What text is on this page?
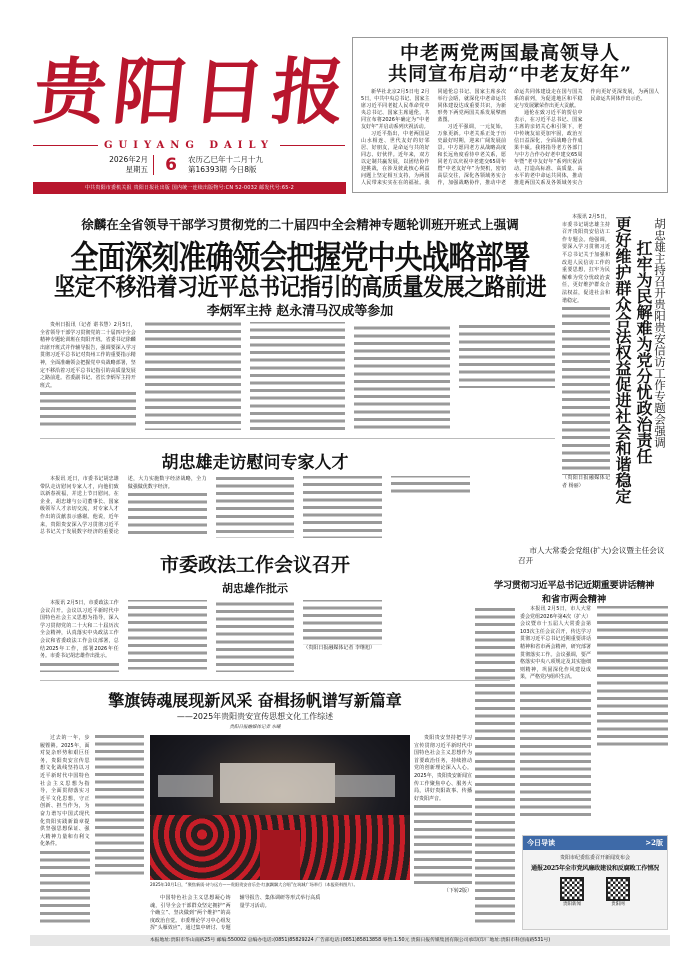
贵
阳
日
报
GUIYANG DAILY
2026年2月
星期五	6	农历乙巳年十二月十九
第16393期 今日8版
中共贵阳市委机关报 贵阳日报社出版 国内统一连续出版物号:CN 52-0032 邮发代号:65-2
中老两党两国最高领导人
共同宣布启动“中老友好年”

新华社北京2月5日电 2月5日，中共中央总书记、国家主席习近平同老挝人民革命党中央总书记、国家主席通伦，共同宣布将2026年确定为“中老友好年”并启动系列庆祝活动。

习近平指出，中老两国是山水相连、世代友好的好邻居、好朋友，是命运与共的好同志、好伙伴。近年来，双方以定制共赢发展，以团结协作迎挑战，在涉及彼此核心利益问题上坚定相互支持，为两国人民带来实实在在的福祉。我同通伦总书记、国家主席多次举行会晤，就深化中老命运共同体建设达成重要共识，为新形势下两党两国关系发展擘画蓝图。

习近平强调，一元复始，万象更新。中老关系正处于历史最好时期，迎来广阔发展前景。中方愿同老方从战略高度和长远角度看待中老关系，愿同老方以庆祝中老建交65周年暨“中老友好年”为契机，密切高层交往，深化各领域务实合作，加强战略协作，推动中老命运共同体建设走在国与国关系的前列，为促进地区和平稳定与发展繁荣作出更大贡献。

通伦在致习近平的贺信中表示，在习近平总书记、国家主席的亲切关心和引领下，老中传统友谊更加牢固，政治互信日益深化，全面战略合作成果丰硕。我将指导老方各部门与中方合作办好老中建交65周年暨“老中友好年”系列庆祝活动，打造高标准、高质量、高水平的老中命运共同体，推动推进两国关系及各领域务实合作向更好更深发展，为两国人民命运共同体作出示范。

徐麟在全省领导干部学习贯彻党的二十届四中全会精神专题轮训班开班式上强调
全面深刻准确领会把握党中央战略部署
坚定不移沿着习近平总书记指引的高质量发展之路前进
李炳军主持 赵永清马汉成等参加

贵州日报讯（记者 谌书慧）2月5日，全省领导干部学习贯彻党的二十届四中全会精神专题轮训班在贵阳开班。省委书记徐麟出席开班式并作辅导报告，强调要深入学习贯彻习近平总书记对贵州工作的重要指示精神，全面准确领会把握党中央战略部署，坚定不移沿着习近平总书记指引的高质量发展之路前进。省委副书记、省长李炳军主持开班式。

本报讯 2月5日，市委书记胡忠雄主持召开贵阳贵安信访工作专题会。他强调，要深入学习贯彻习近平总书记关于加强和改进人民信访工作的重要思想，扛牢为民解难为党分忧政治责任，更好维护群众合法权益，促进社会和谐稳定。

（贵阳日报融媒体记者 杨丽）
胡忠雄主持召开贵阳贵安信访工作专题会强调
扛牢为民解难为党分忧政治责任
更好维护群众合法权益促进社会和谐稳定
胡忠雄走访慰问专家人才

本报讯 近日，市委书记胡忠雄带队走访慰问专家人才，向他们致以新春祝福，并送上节日慰问。在企业，胡忠雄与公司董事长、国家级领军人才亲切交流，对专家人才作出的贡献表示感谢。他说，近年来，贵阳贵安深入学习贯彻习近平总书记关于发展数字经济的重要论述，大力实施数字经济战略，全力做强做优数字经济。

市委政法工作会议召开
胡忠雄作批示

本报讯 2月5日，市委政法工作会议召开。会议以习近平新时代中国特色社会主义思想为指导，深入学习贯彻党的二十大和二十届历次全会精神，认真落实中央政法工作会议和省委政法工作会议部署，总结2025年工作，部署2026年任务。市委书记胡忠雄作出批示。

（贵阳日报融媒体记者 李继旭）
市人大常委会党组(扩大)会议暨主任会议召开
学习贯彻习近平总书记近期重要讲话精神
和省市两会精神

本报讯 2月5日，市人大常委会党组2026年第4次（扩大）会议暨市十五届人大常委会第103次主任会议召开，传达学习贯彻习近平总书记近期重要讲话精神和省市两会精神，研究部署贯彻落实工作。会议强调，要严格落实中央八项规定及其实施细则精神，巩固深化作风建设成果，严格党内组织生活。

擎旗铸魂展现新风采 奋楫扬帆谱写新篇章
——2025年贵阳贵安宣传思想文化工作综述
贵阳日报融媒体记者 东曦

过去的一年，步履铿锵。2025年，面对复杂形势和艰巨任务，贵阳贵安宣传思想文化战线坚持以习近平新时代中国特色社会主义思想为指导，全面贯彻落实习近平文化思想，守正创新、担当作为，为奋力谱写中国式现代化贵阳实践新篇章提供坚强思想保证、强大精神力量和有利文化条件。

2025年10月1日，“聚焦新质·诗与远方——贵阳贵安音乐会·红旗飘飘大合唱”在筑城广场举行（本报资料图片）。

中国特色社会主义思想凝心铸魂，引导全会干部群众坚定拥护“两个确立”、坚决做到“两个维护”的高度政治自觉。市委理论学习中心组发挥“头雁效应”，通过集中研讨、专题辅导报告、集体调研等形式举行高质量学习活动。

贵阳贵安坚持把学习宣传贯彻习近平新时代中国特色社会主义思想作为首要政治任务，持续推动党的创新理论深入人心。2025年，贵阳贵安新闻宣传工作聚焦中心、服务大局，讲好贵阳故事、传播好贵阳声音。

（下转2版）
今日导读	>2版
贵阳市纪委监委召开新闻发布会
通报2025年全市党风廉政建设和反腐败工作情况
贵阳新闻	贵阳网
本报地址:贵阳市华山南路25号 邮编:550002 总编办电话:(0851)85829224 广告部电话:(0851)85813858 零售:1.50元 贵阳日报传媒集团有限公司承印(印厂地址:贵阳市科创南路531号)
